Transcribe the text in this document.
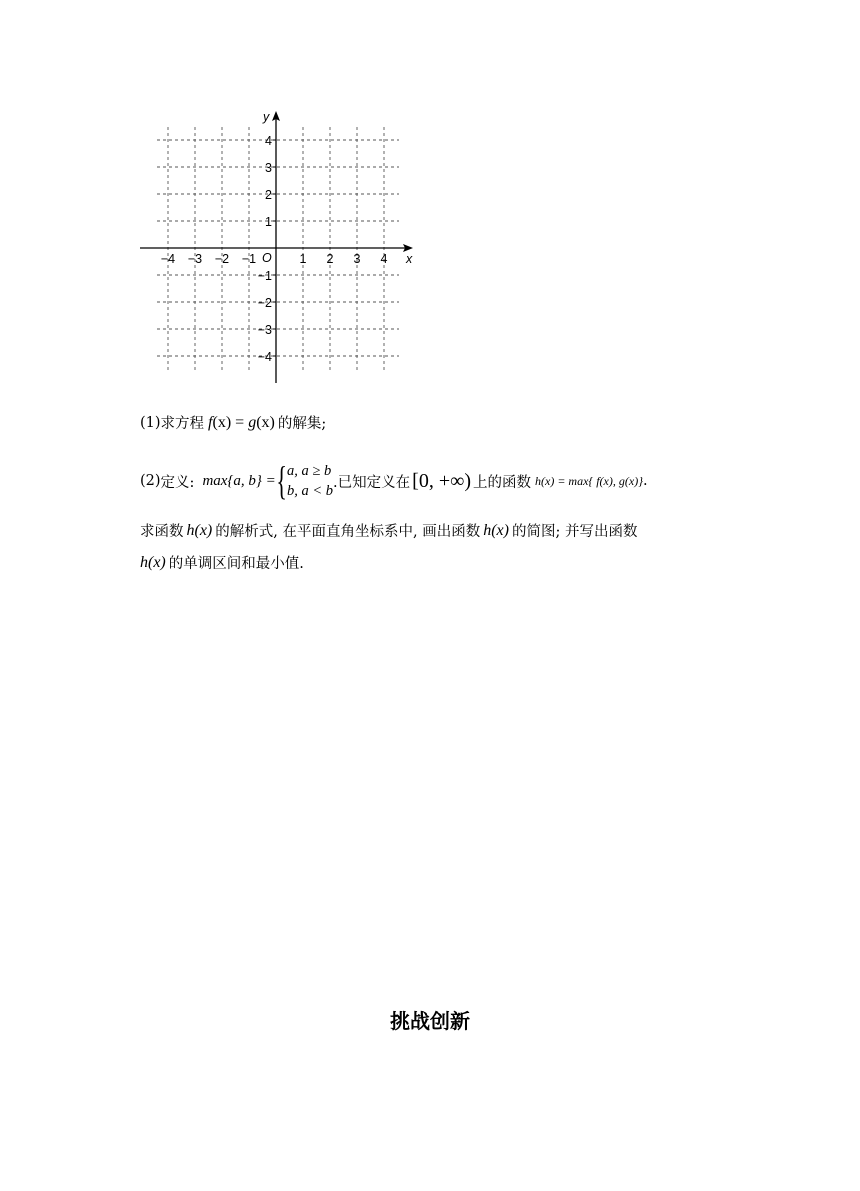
x
y
O
−4 −3 −2 −1	1 2 3 4
4
3
2
1
−1
−2
−3
−4
(1) 求方程 f (x) = g (x) 的解集;
(2) 定义: max{a, b} = { a, a ≥ b
b, a < b
.已知定义在 [0, +∞) 上的函数 h(x) = max{ f(x), g(x)} .
求函数 h(x) 的解析式, 在平面直角坐标系中, 画出函数 h(x) 的简图; 并写出函数
h(x) 的单调区间和最小值.
挑战创新
